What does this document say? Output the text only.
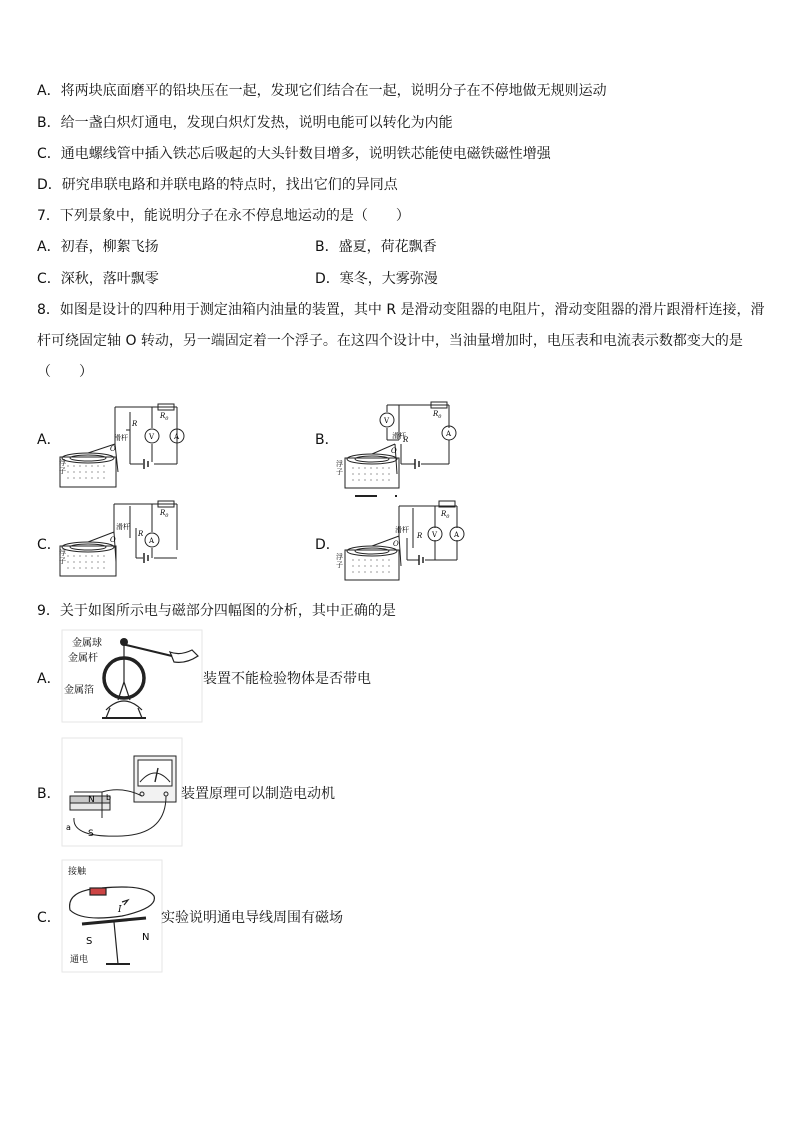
A．将两块底面磨平的铅块压在一起，发现它们结合在一起，说明分子在不停地做无规则运动
B．给一盏白炽灯通电，发现白炽灯发热，说明电能可以转化为内能
C．通电螺线管中插入铁芯后吸起的大头针数目增多，说明铁芯能使电磁铁磁性增强
D．研究串联电路和并联电路的特点时，找出它们的异同点
7．下列景象中，能说明分子在永不停息地运动的是（　　）
A．初春，柳絮飞扬	B．盛夏，荷花飘香
C．深秋，落叶飘零	D．寒冬，大雾弥漫
8．如图是设计的四种用于测定油箱内油量的装置，其中 R 是滑动变阻器的电阻片，滑动变阻器的滑片跟滑杆连接，滑
杆可绕固定轴 O 转动，另一端固定着一个浮子。在这四个设计中，当油量增加时，电压表和电流表示数都变大的是
（　　）
A．	B．
C．	D．
浮
子
滑杆
O
R
$R_0$
V	A
浮
子
滑杆
O
R
$R_0$
V
A
浮
子
滑杆
O
R
$R_0$
A
浮
子
滑杆
O
R
$R_0$
V A
9．关于如图所示电与磁部分四幅图的分析，其中正确的是
A．
金属球
金属杆
金属箔
装置不能检验物体是否带电
B．	N
S
a
b	装置原理可以制造电动机
C．
接触
I
S	N
通电
实验说明通电导线周围有磁场
